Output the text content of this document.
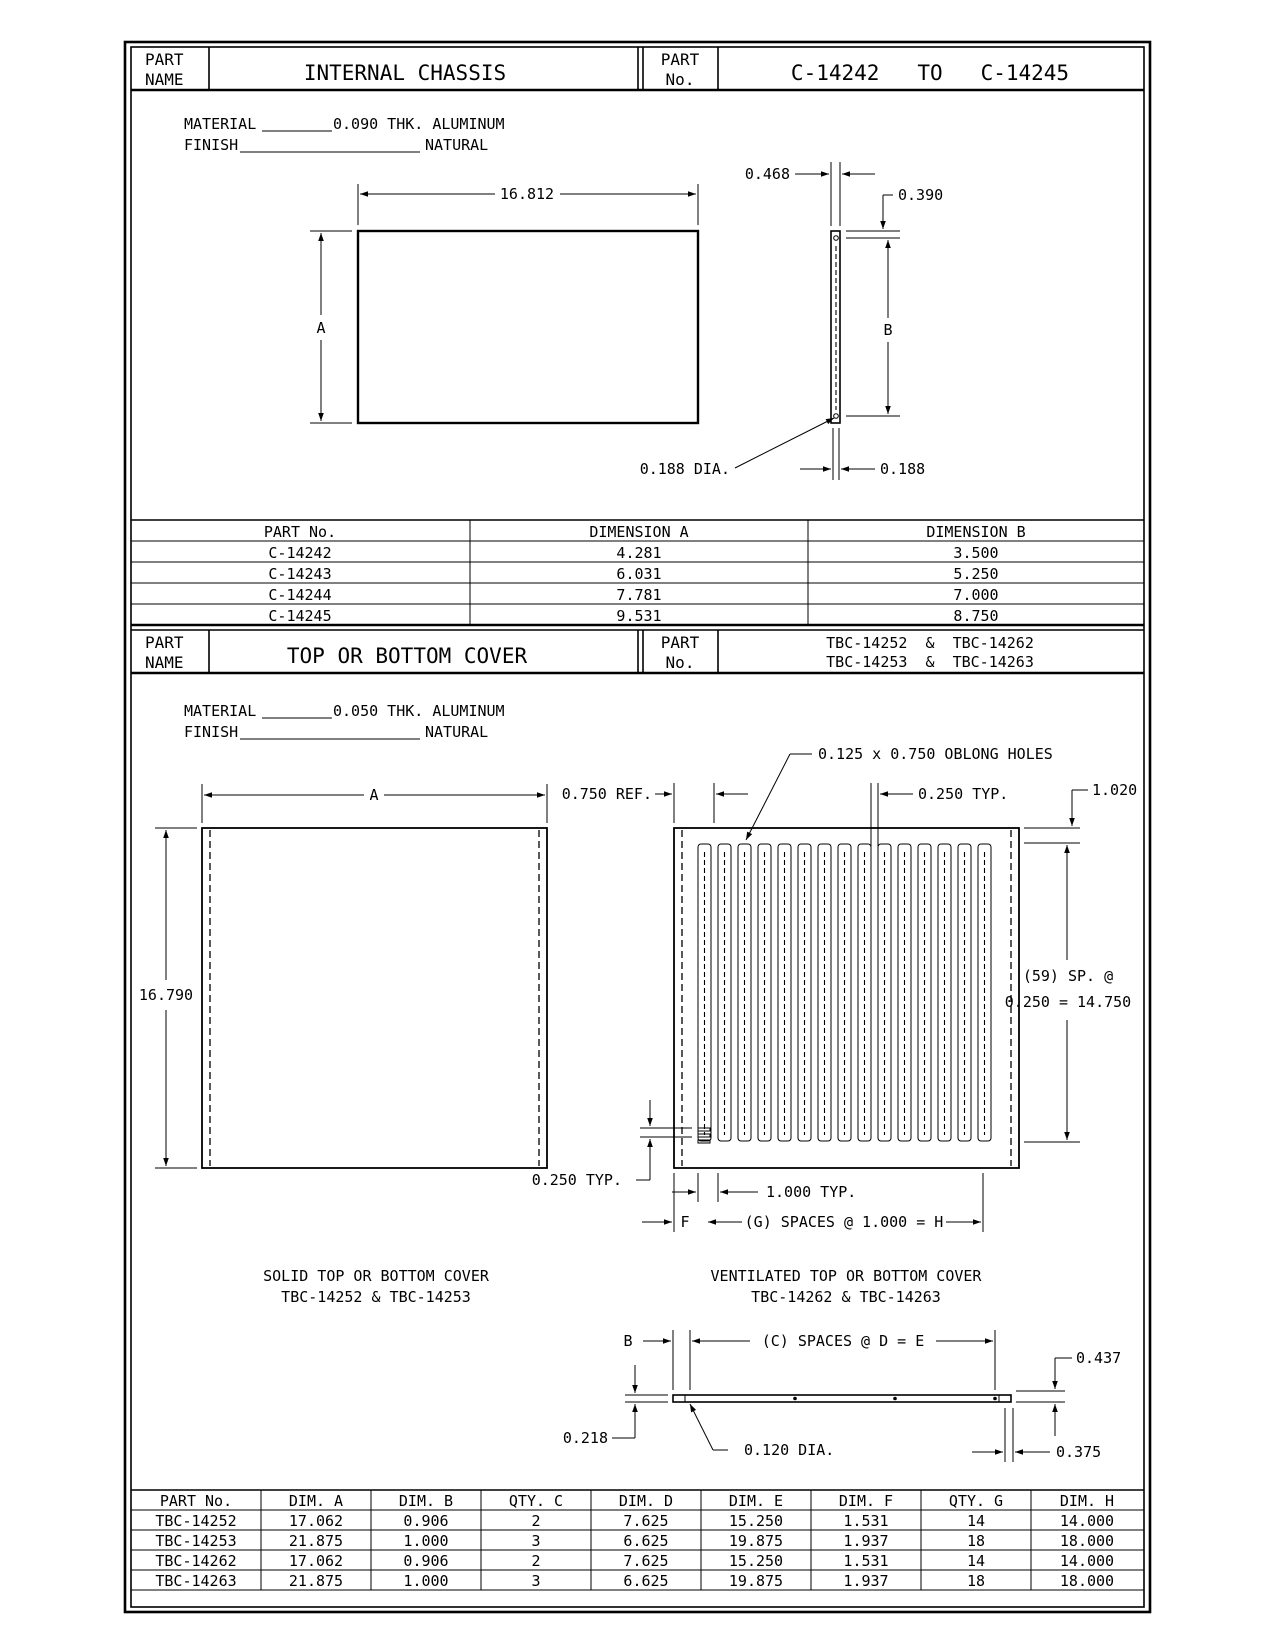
PART
NAME	INTERNAL CHASSIS
PART
No.	C-14242   TO   C-14245
MATERIAL	0.090 THK. ALUMINUM
FINISH	NATURAL
16.812
A
0.468
0.390
B
0.188 DIA.	0.188
PART No.	DIMENSION A	DIMENSION B
C-14242	4.281	3.500
C-14243	6.031	5.250
C-14244	7.781	7.000
C-14245	9.531	8.750
PART
NAME	TOP OR BOTTOM COVER
PART
No.
TBC-14252  &  TBC-14262
TBC-14253  &  TBC-14263
MATERIAL	0.050 THK. ALUMINUM
FINISH	NATURAL
A
16.790
SOLID TOP OR BOTTOM COVER
TBC-14252 & TBC-14253
0.750 REF.	0.250 TYP.
0.125 x 0.750 OBLONG HOLES
1.020
(59) SP. @
0.250 = 14.750
0.250 TYP.
1.000 TYP.
F	(G) SPACES @ 1.000 = H
VENTILATED TOP OR BOTTOM COVER
TBC-14262 & TBC-14263
B	(C) SPACES @ D = E
0.218
0.437
0.375
0.120 DIA.
PART No.	DIM. A	DIM. B	QTY. C	DIM. D	DIM. E	DIM. F	QTY. G	DIM. H
TBC-14252	17.062	0.906	2	7.625	15.250	1.531	14	14.000
TBC-14253	21.875	1.000	3	6.625	19.875	1.937	18	18.000
TBC-14262	17.062	0.906	2	7.625	15.250	1.531	14	14.000
TBC-14263	21.875	1.000	3	6.625	19.875	1.937	18	18.000
